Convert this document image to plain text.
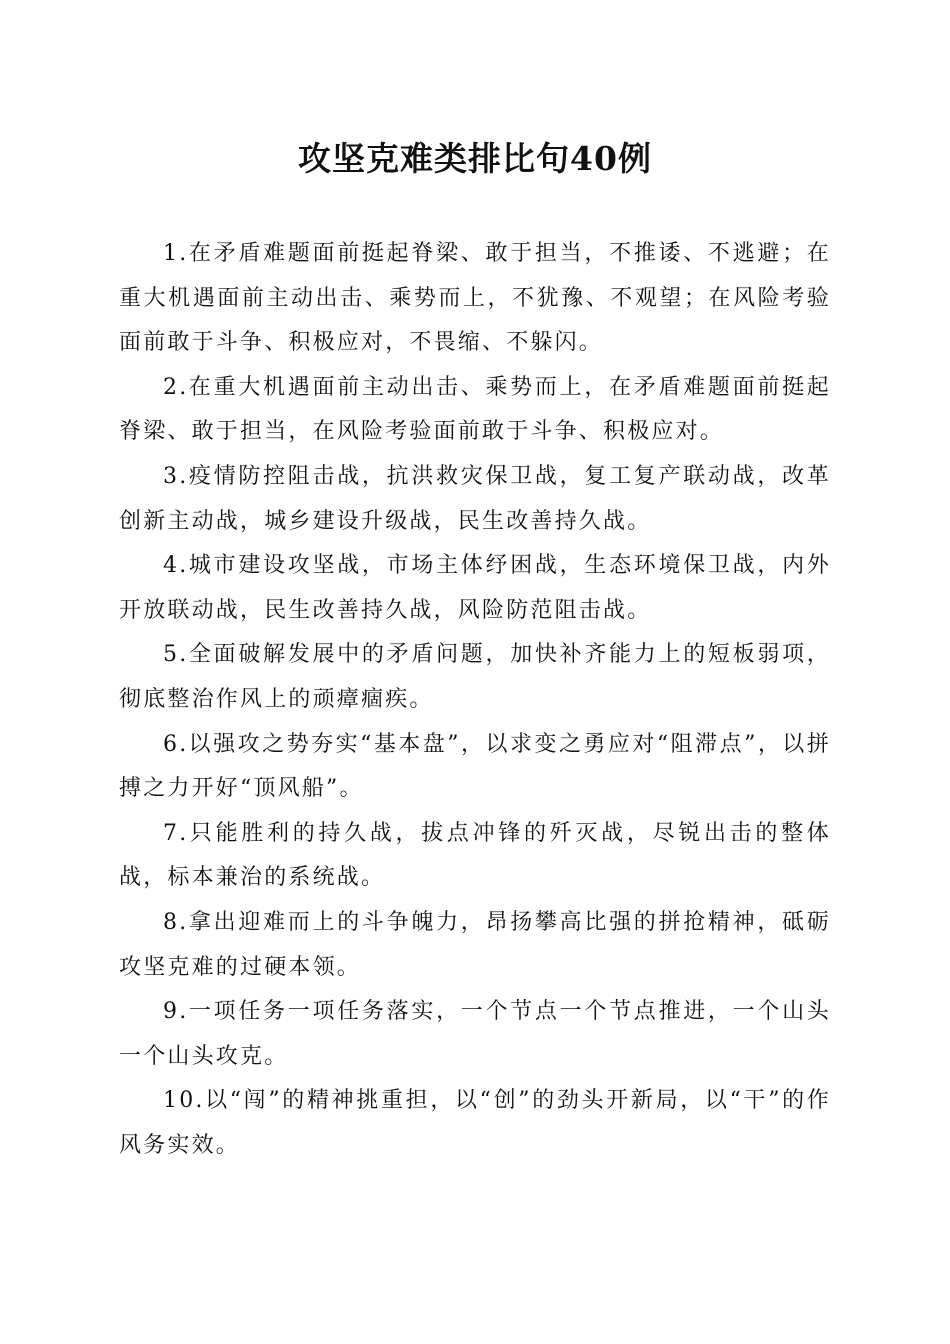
攻坚克难类排比句40例

1.在矛盾难题面前挺起脊梁、敢于担当，不推诿、不逃避；在重大机遇面前主动出击、乘势而上，不犹豫、不观望；在风险考验面前敢于斗争、积极应对，不畏缩、不躲闪。

2.在重大机遇面前主动出击、乘势而上，在矛盾难题面前挺起脊梁、敢于担当，在风险考验面前敢于斗争、积极应对。

3.疫情防控阻击战，抗洪救灾保卫战，复工复产联动战，改革创新主动战，城乡建设升级战，民生改善持久战。

4.城市建设攻坚战，市场主体纾困战，生态环境保卫战，内外开放联动战，民生改善持久战，风险防范阻击战。

5.全面破解发展中的矛盾问题，加快补齐能力上的短板弱项，彻底整治作风上的顽瘴痼疾。

6.以强攻之势夯实“基本盘”，以求变之勇应对“阻滞点”，以拼搏之力开好“顶风船”。

7.只能胜利的持久战，拔点冲锋的歼灭战，尽锐出击的整体战，标本兼治的系统战。

8.拿出迎难而上的斗争魄力，昂扬攀高比强的拼抢精神，砥砺攻坚克难的过硬本领。

9.一项任务一项任务落实，一个节点一个节点推进，一个山头一个山头攻克。

10.以“闯”的精神挑重担，以“创”的劲头开新局，以“干”的作风务实效。
